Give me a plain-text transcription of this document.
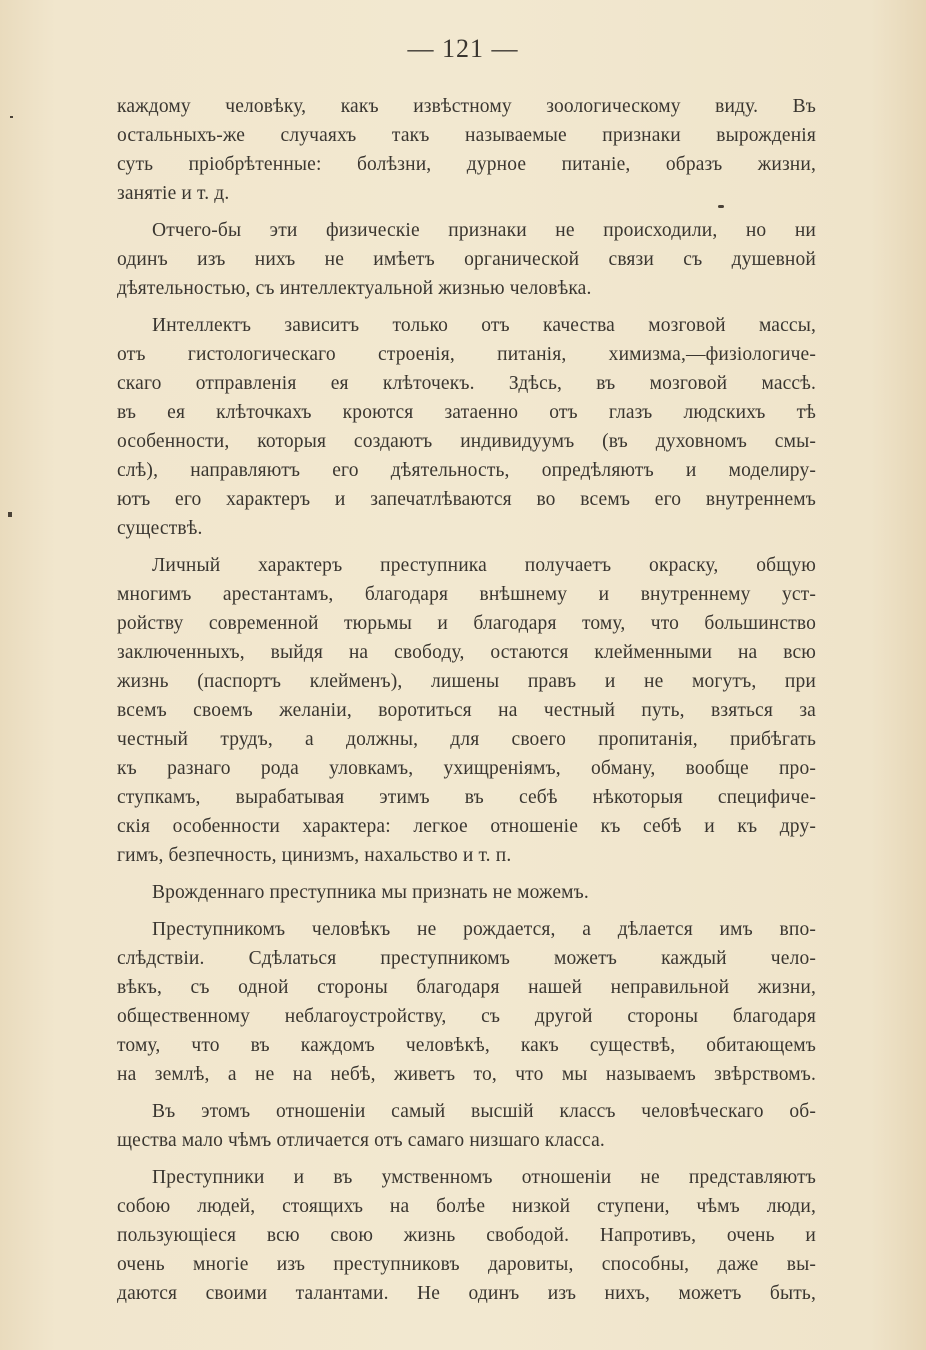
— 121 —
каждому человѣку, какъ извѣстному зоологическому виду. Въ
остальныхъ-же случаяхъ такъ называемые признаки вырожденія
суть пріобрѣтенные: болѣзни, дурное питаніе, образъ жизни,
занятіе и т. д.
Отчего-бы эти физическіе признаки не происходили, но ни
одинъ изъ нихъ не имѣетъ органической связи съ душевной
дѣятельностью, съ интеллектуальной жизнью человѣка.
Интеллектъ зависитъ только отъ качества мозговой массы,
отъ гистологическаго строенія, питанія, химизма,—физіологиче-
скаго отправленія ея клѣточекъ. Здѣсь, въ мозговой массѣ.
въ ея клѣточкахъ кроются затаенно отъ глазъ людскихъ тѣ
особенности, которыя создаютъ индивидуумъ (въ духовномъ смы-
слѣ), направляютъ его дѣятельность, опредѣляютъ и моделиру-
ютъ его характеръ и запечатлѣваются во всемъ его внутреннемъ
существѣ.
Личный характеръ преступника получаетъ окраску, общую
многимъ арестантамъ, благодаря внѣшнему и внутреннему уст-
ройству современной тюрьмы и благодаря тому, что большинство
заключенныхъ, выйдя на свободу, остаются клейменными на всю
жизнь (паспортъ клейменъ), лишены правъ и не могутъ, при
всемъ своемъ желаніи, воротиться на честный путь, взяться за
честный трудъ, а должны, для своего пропитанія, прибѣгать
къ разнаго рода уловкамъ, ухищреніямъ, обману, вообще про-
ступкамъ, вырабатывая этимъ въ себѣ нѣкоторыя специфиче-
скія особенности характера: легкое отношеніе къ себѣ и къ дру-
гимъ, безпечность, цинизмъ, нахальство и т. п.
Врожденнаго преступника мы признать не можемъ.
Преступникомъ человѣкъ не рождается, а дѣлается имъ впо-
слѣдствіи. Сдѣлаться преступникомъ можетъ каждый чело-
вѣкъ, съ одной стороны благодаря нашей неправильной жизни,
общественному неблагоустройству, съ другой стороны благодаря
тому, что въ каждомъ человѣкѣ, какъ существѣ, обитающемъ
на землѣ, а не на небѣ, живетъ то, что мы называемъ звѣрствомъ.
Въ этомъ отношеніи самый высшій классъ человѣческаго об-
щества мало чѣмъ отличается отъ самаго низшаго класса.
Преступники и въ умственномъ отношеніи не представляютъ
собою людей, стоящихъ на болѣе низкой ступени, чѣмъ люди,
пользующіеся всю свою жизнь свободой. Напротивъ, очень и
очень многіе изъ преступниковъ даровиты, способны, даже вы-
даются своими талантами. Не одинъ изъ нихъ, можетъ быть,
